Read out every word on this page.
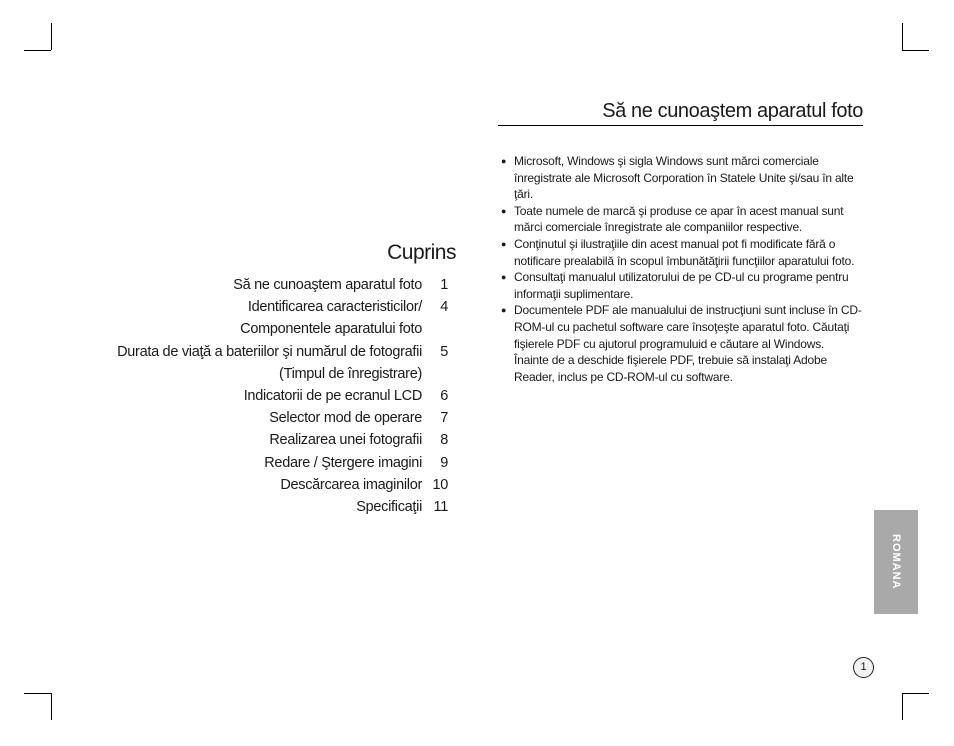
Cuprins
Să ne cunoaştem aparatul foto	1
Identificarea caracteristicilor/	4
Componentele aparatului foto
Durata de viaţă a bateriilor şi numărul de fotografii	5
(Timpul de înregistrare)
Indicatorii de pe ecranul LCD	6
Selector mod de operare	7
Realizarea unei fotografii	8
Redare / Ştergere imagini	9
Descărcarea imaginilor 10
Specificaţii 11
Să ne cunoaştem aparatul foto
● Microsoft, Windows şi sigla Windows sunt mărci comerciale înregistrate ale Microsoft Corporation în Statele Unite şi/sau în alte ţări.
● Toate numele de marcă şi produse ce apar în acest manual sunt mărci comerciale înregistrate ale companiilor respective.
● Conţinutul şi ilustraţiile din acest manual pot fi modificate fără o notificare prealabilă în scopul îmbunătăţirii funcţiilor aparatului foto.
● Consultaţi manualul utilizatorului de pe CD-ul cu programe pentru informaţii suplimentare.
● Documentele PDF ale manualului de instrucţiuni sunt incluse în CD-ROM-ul cu pachetul software care însoţeşte aparatul foto. Căutaţi fişierele PDF cu ajutorul programuluid e căutare al Windows.
Înainte de a deschide fişierele PDF, trebuie să instalaţi Adobe Reader, inclus pe CD-ROM-ul cu software.
ROMANA
1
